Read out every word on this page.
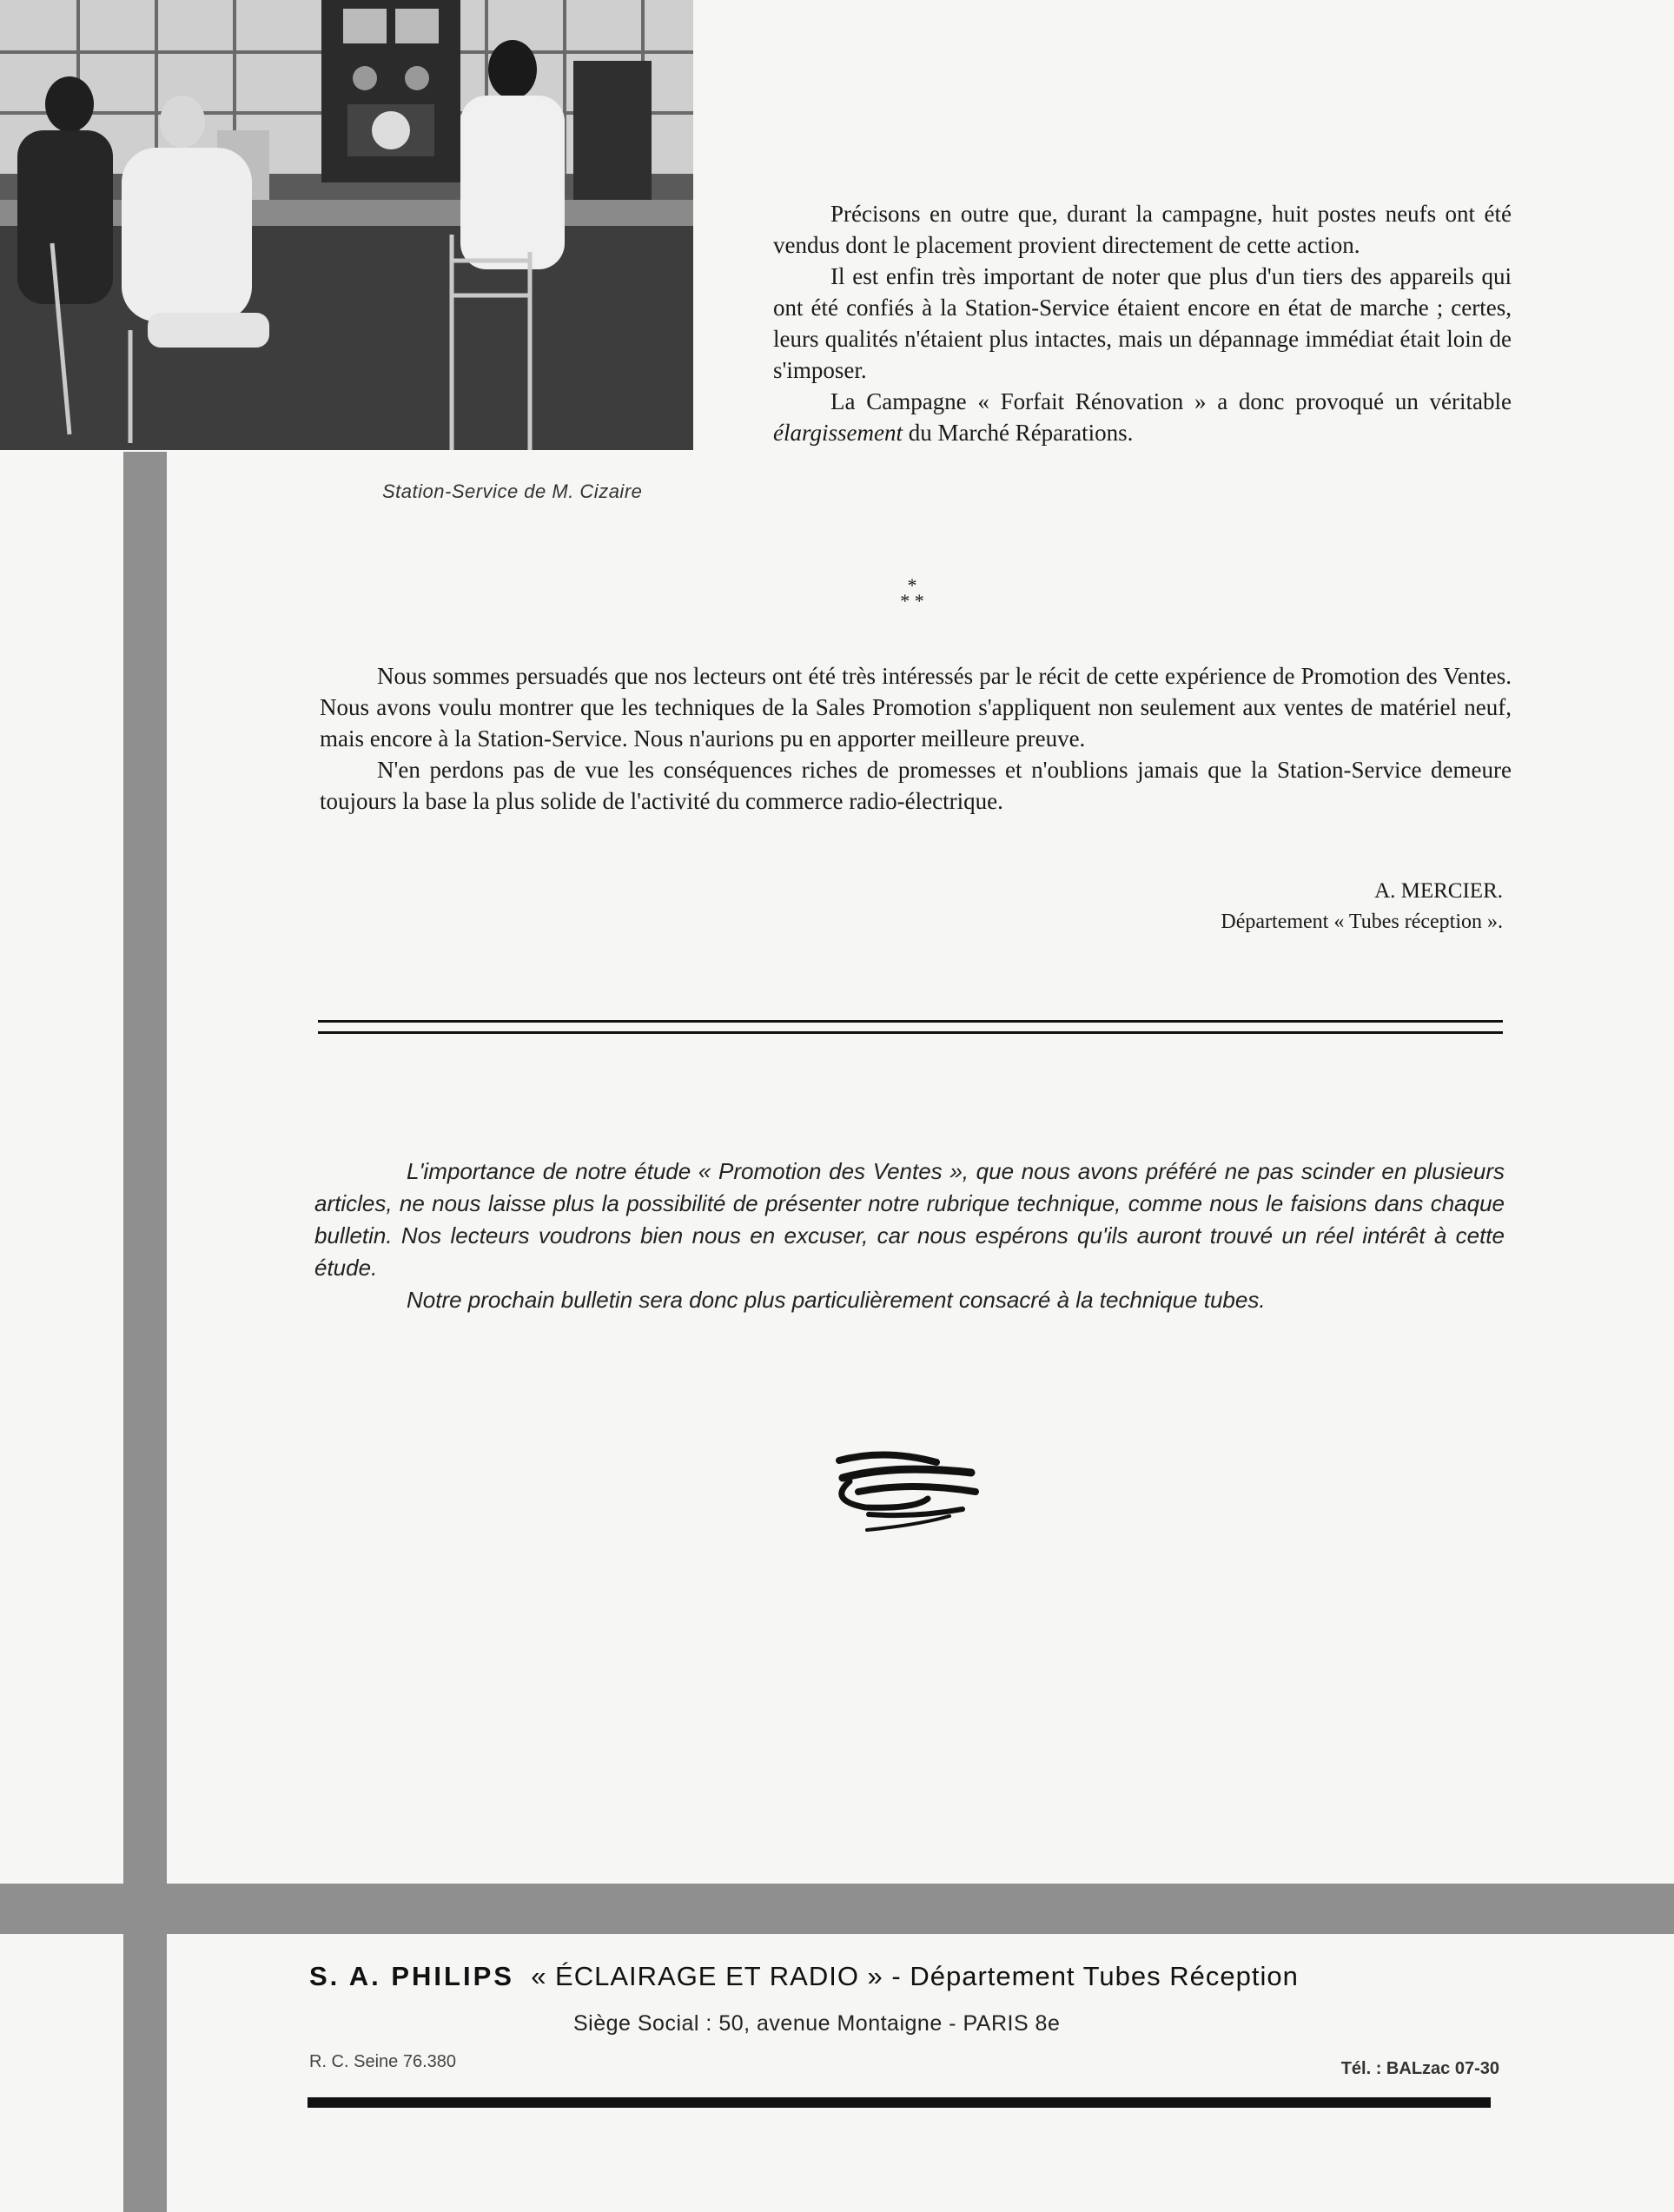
Station-Service de M. Cizaire

Précisons en outre que, durant la campagne, huit postes neufs ont été vendus dont le placement provient directement de cette action.

Il est enfin très important de noter que plus d'un tiers des appareils qui ont été confiés à la Station-Service étaient encore en état de marche ; certes, leurs qualités n'étaient plus intactes, mais un dépannage immédiat était loin de s'imposer.

La Campagne « Forfait Rénovation » a donc provoqué un véritable élargissement du Marché Réparations.

*
* *

Nous sommes persuadés que nos lecteurs ont été très intéressés par le récit de cette expérience de Promotion des Ventes. Nous avons voulu montrer que les techniques de la Sales Promotion s'appliquent non seulement aux ventes de matériel neuf, mais encore à la Station-Service. Nous n'aurions pu en apporter meilleure preuve.

N'en perdons pas de vue les conséquences riches de promesses et n'oublions jamais que la Station-Service demeure toujours la base la plus solide de l'activité du commerce radio-électrique.

A. MERCIER.
Département « Tubes réception ».

L'importance de notre étude « Promotion des Ventes », que nous avons préféré ne pas scinder en plusieurs articles, ne nous laisse plus la possibilité de présenter notre rubrique technique, comme nous le faisions dans chaque bulletin. Nos lecteurs voudrons bien nous en excuser, car nous espérons qu'ils auront trouvé un réel intérêt à cette étude.

Notre prochain bulletin sera donc plus particulièrement consacré à la technique tubes.

S. A. PHILIPS « ÉCLAIRAGE ET RADIO » - Département Tubes Réception
Siège Social : 50, avenue Montaigne - PARIS 8e
R. C. Seine 76.380	Tél. : BALzac 07-30
